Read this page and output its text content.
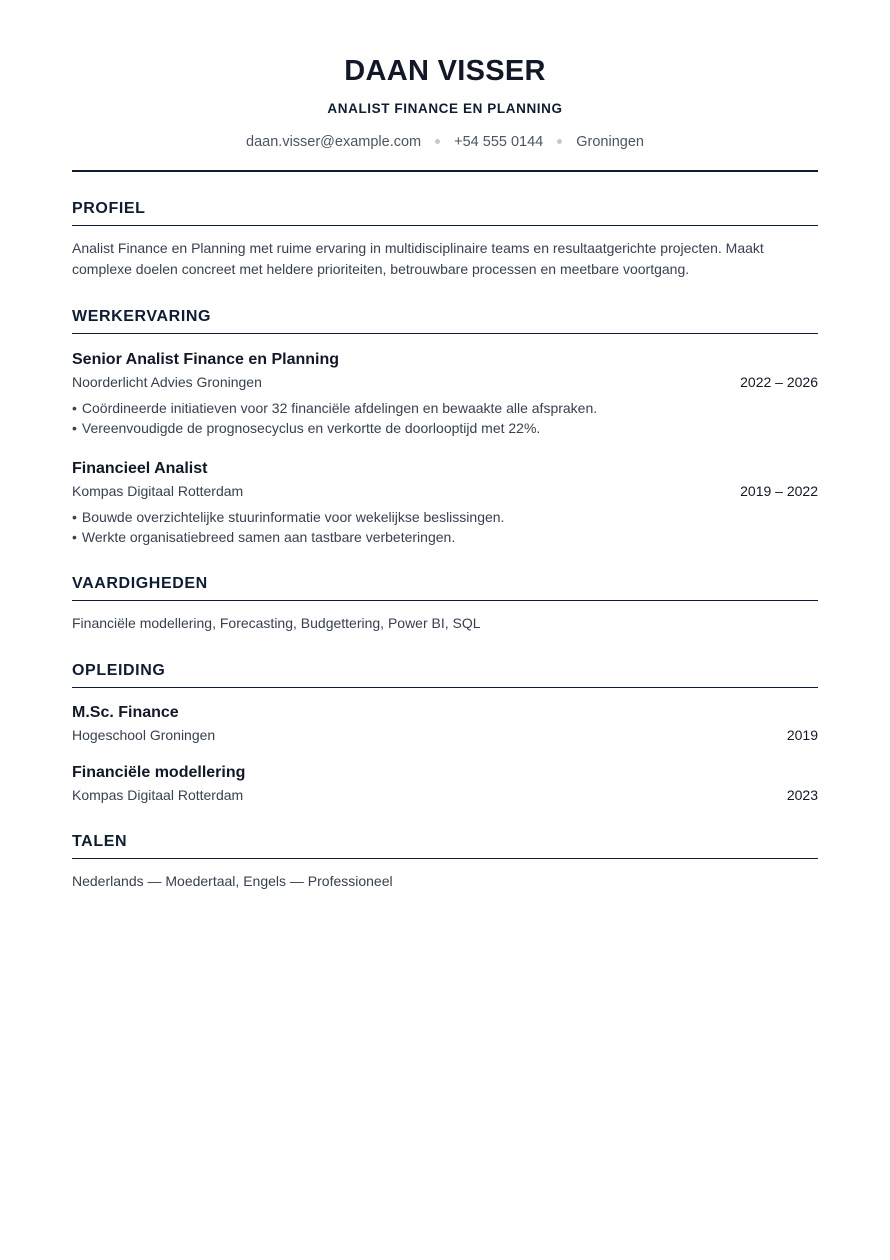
DAAN VISSER
ANALIST FINANCE EN PLANNING
daan.visser@example.com +54 555 0144 Groningen
PROFIEL
Analist Finance en Planning met ruime ervaring in multidisciplinaire teams en resultaatgerichte projecten. Maakt complexe doelen concreet met heldere prioriteiten, betrouwbare processen en meetbare voortgang.
WERKERVARING
Senior Analist Finance en Planning
Noorderlicht Advies Groningen	2022 – 2026
• Coördineerde initiatieven voor 32 financiële afdelingen en bewaakte alle afspraken.
• Vereenvoudigde de prognosecyclus en verkortte de doorlooptijd met 22%.
Financieel Analist
Kompas Digitaal Rotterdam	2019 – 2022
• Bouwde overzichtelijke stuurinformatie voor wekelijkse beslissingen.
• Werkte organisatiebreed samen aan tastbare verbeteringen.
VAARDIGHEDEN
Financiële modellering, Forecasting, Budgettering, Power BI, SQL
OPLEIDING
M.Sc. Finance
Hogeschool Groningen	2019
Financiële modellering
Kompas Digitaal Rotterdam	2023
TALEN
Nederlands — Moedertaal, Engels — Professioneel
